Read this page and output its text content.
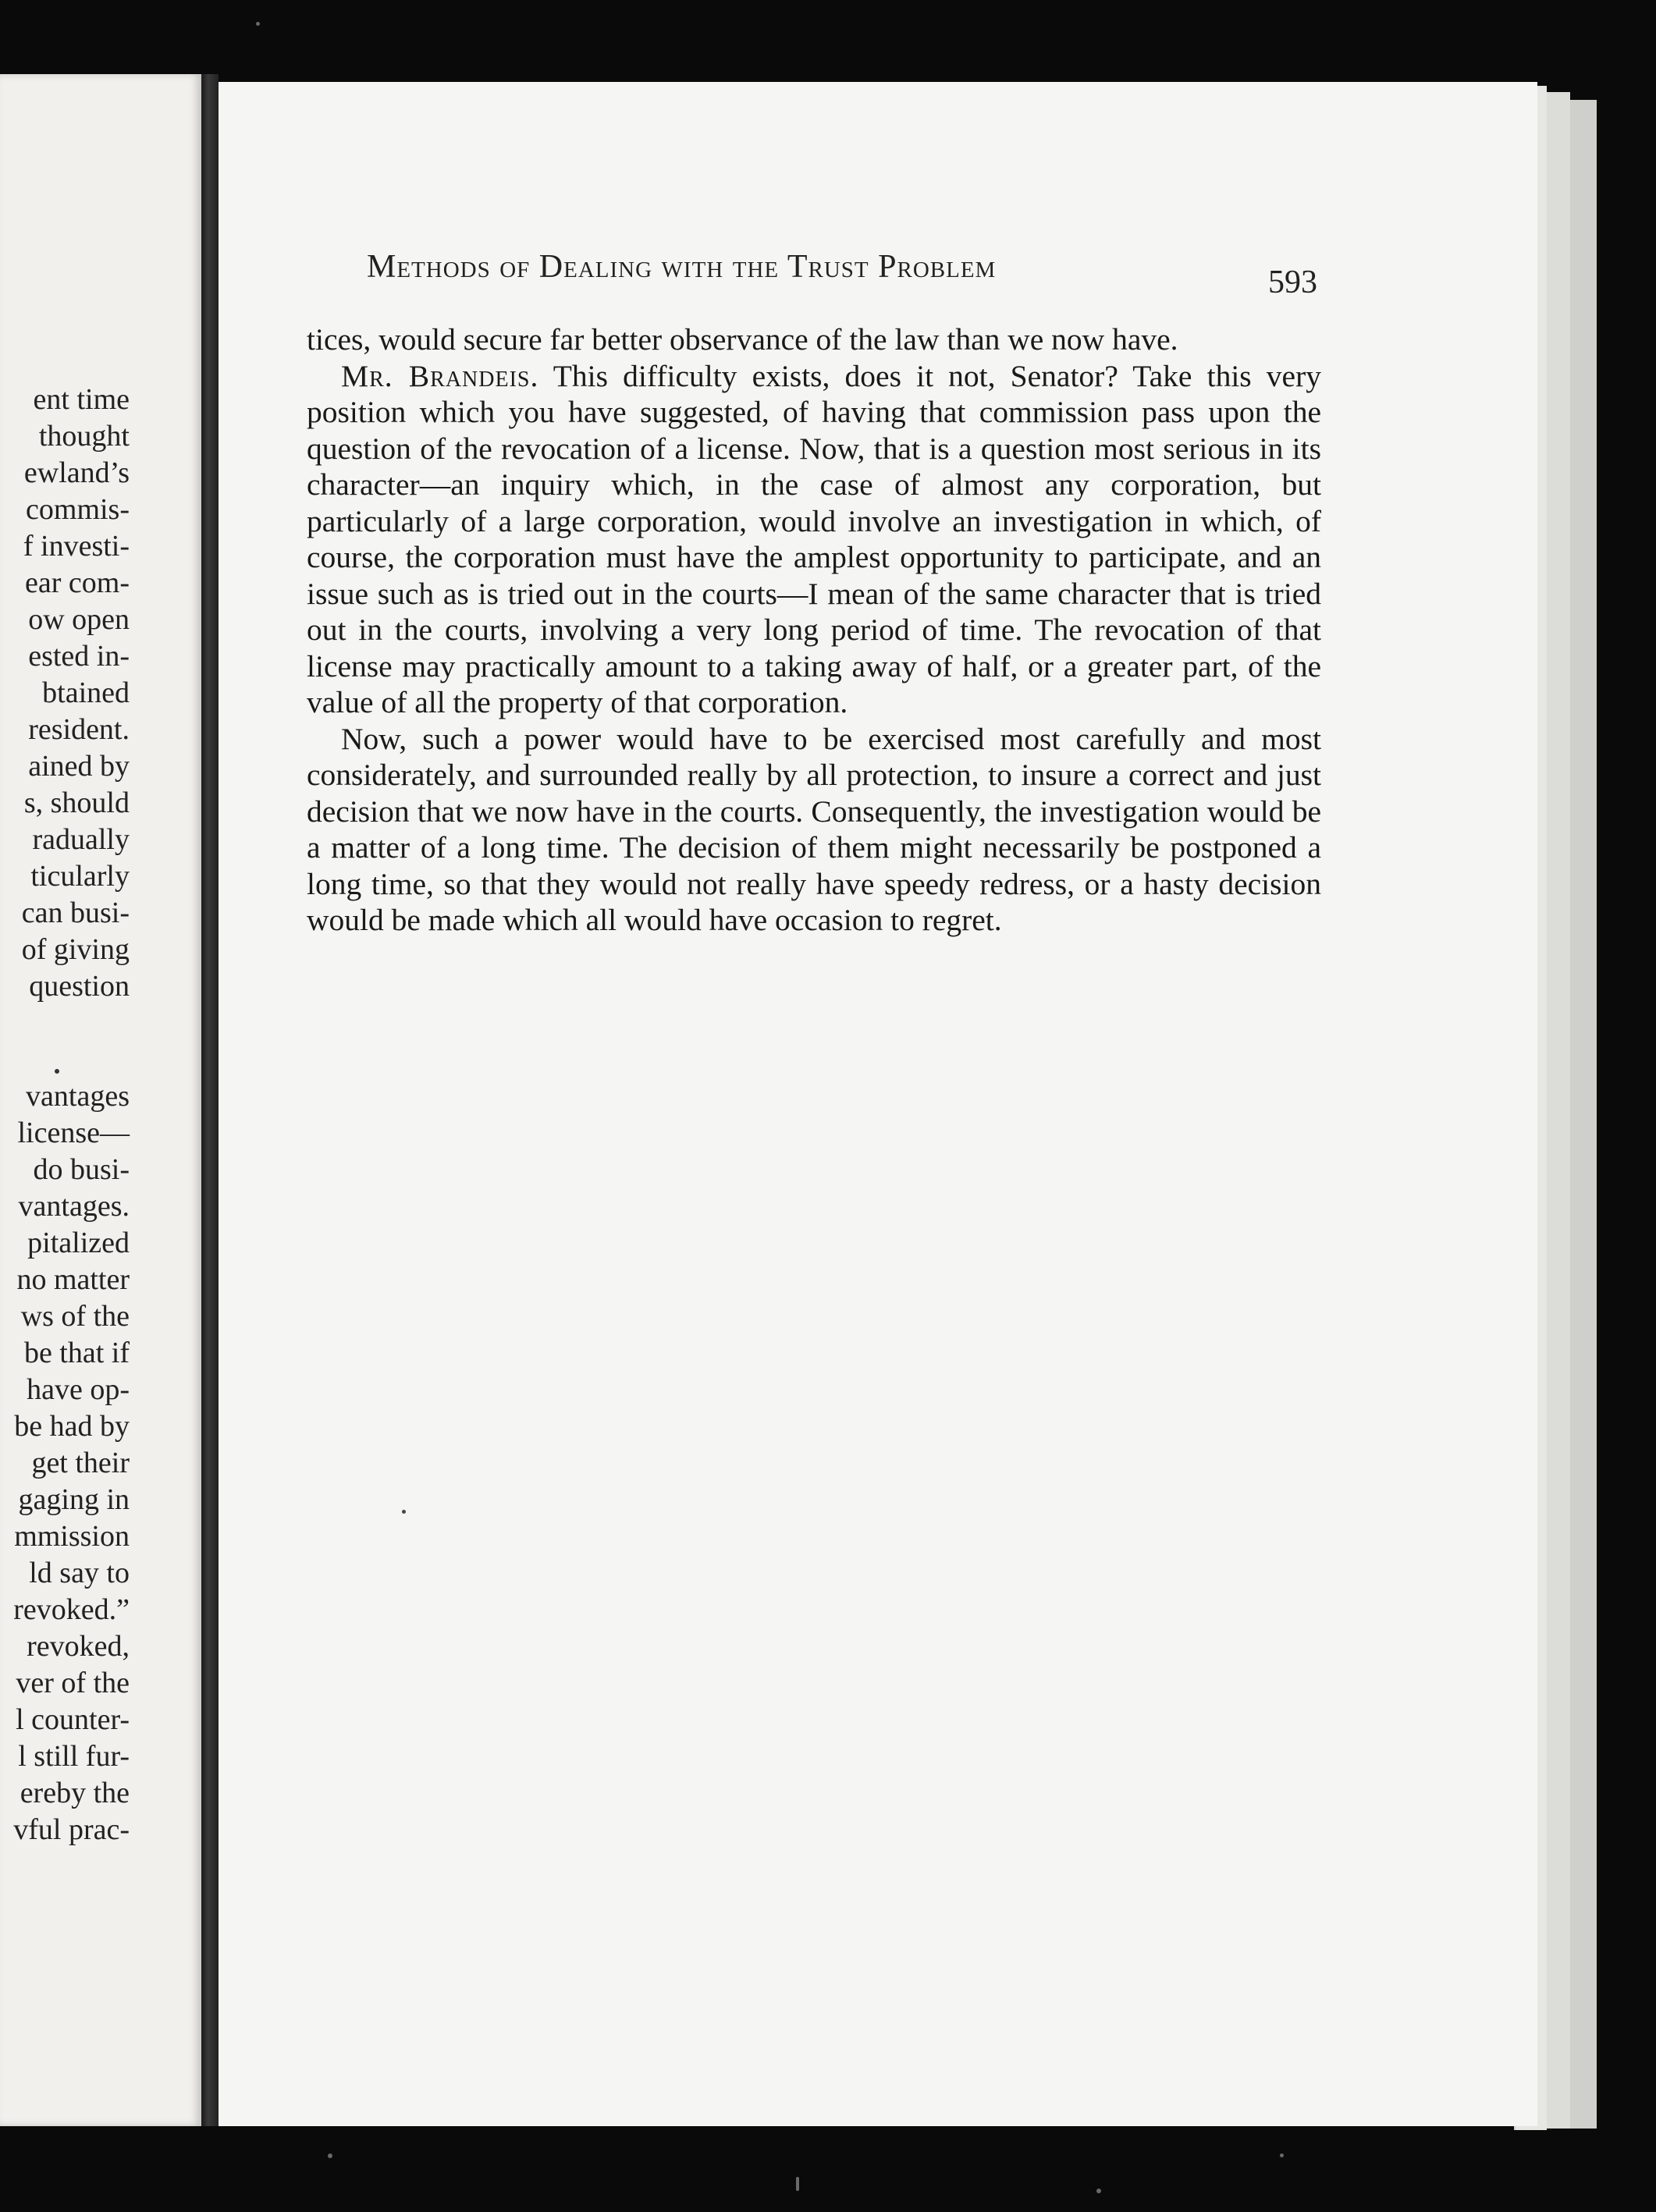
ent time
thought
ewland’s
commis-
f investi-
ear com-
ow open
ested in-
btained
resident.
ained by
s, should
radually
ticularly
can busi-
of giving
question

vantages
license—
do busi-
vantages.
pitalized
no matter
ws of the
be that if
have op-
be had by
get their
gaging in
mmission
ld say to
revoked.”
revoked,
ver of the
l counter-
l still fur-
ereby the
vful prac-
Methods of Dealing with the Trust Problem	593

tices, would secure far better observance of the law than we now have.

Mr. Brandeis. This difficulty exists, does it not, Senator? Take this very position which you have suggested, of having that commission pass upon the question of the revocation of a license. Now, that is a question most serious in its character—an inquiry which, in the case of almost any corporation, but particularly of a large corporation, would involve an investigation in which, of course, the corporation must have the amplest opportunity to participate, and an issue such as is tried out in the courts—I mean of the same character that is tried out in the courts, involving a very long period of time. The revocation of that license may practically amount to a taking away of half, or a greater part, of the value of all the property of that corporation.

Now, such a power would have to be exercised most carefully and most considerately, and surrounded really by all protection, to insure a correct and just decision that we now have in the courts. Consequently, the investigation would be a matter of a long time. The decision of them might necessarily be postponed a long time, so that they would not really have speedy redress, or a hasty decision would be made which all would have occasion to regret.
